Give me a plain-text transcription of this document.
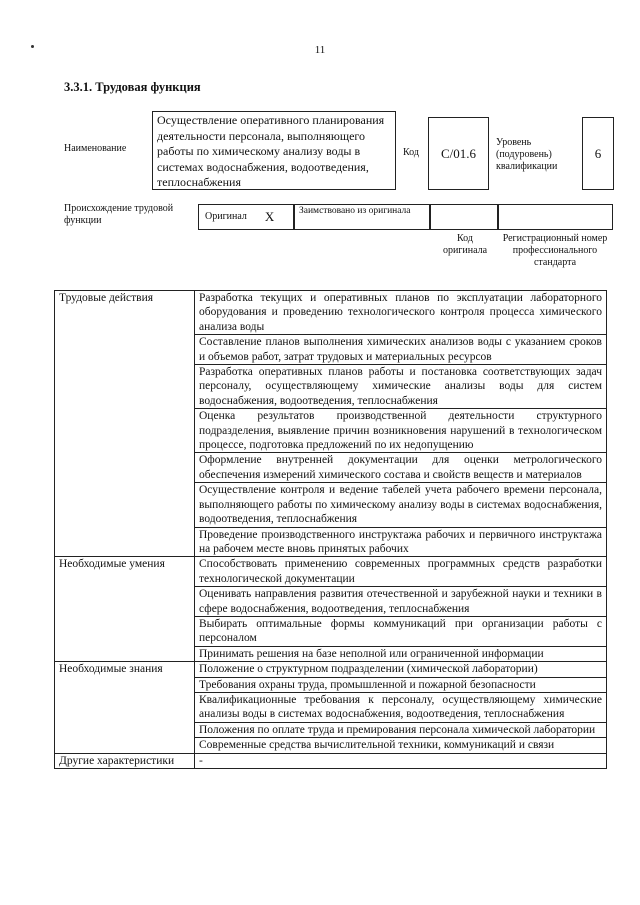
11
3.3.1. Трудовая функция
Наименование
Осуществление оперативного планирования деятельности персонала, выполняющего работы по химическому анализу воды в системах водоснабжения, водоотведения, теплоснабжения
Код	C/01.6
Уровень (подуровень) квалификации
6
Происхождение трудовой функции	Оригинал X	Заимствовано из оригинала
Код оригинала
Регистрационный номер профессионального стандарта
Трудовые действия	Разработка текущих и оперативных планов по эксплуатации лабораторного оборудования и проведению технологического контроля процесса химического анализа воды
	Составление планов выполнения химических анализов воды с указанием сроков и объемов работ, затрат трудовых и материальных ресурсов
	Разработка оперативных планов работы и постановка соответствующих задач персоналу, осуществляющему химические анализы воды для систем водоснабжения, водоотведения, теплоснабжения
	Оценка результатов производственной деятельности структурного подразделения, выявление причин возникновения нарушений в технологическом процессе, подготовка предложений по их недопущению
	Оформление внутренней документации для оценки метрологического обеспечения измерений химического состава и свойств веществ и материалов
	Осуществление контроля и ведение табелей учета рабочего времени персонала, выполняющего работы по химическому анализу воды в системах водоснабжения, водоотведения, теплоснабжения
	Проведение производственного инструктажа рабочих и первичного инструктажа на рабочем месте вновь принятых рабочих
Необходимые умения	Способствовать применению современных программных средств разработки технологической документации
	Оценивать направления развития отечественной и зарубежной науки и техники в сфере водоснабжения, водоотведения, теплоснабжения
	Выбирать оптимальные формы коммуникаций при организации работы с персоналом
	Принимать решения на базе неполной или ограниченной информации
Необходимые знания	Положение о структурном подразделении (химической лаборатории)
	Требования охраны труда, промышленной и пожарной безопасности
	Квалификационные требования к персоналу, осуществляющему химические анализы воды в системах водоснабжения, водоотведения, теплоснабжения
	Положения по оплате труда и премирования персонала химической лаборатории
	Современные средства вычислительной техники, коммуникаций и связи
Другие характеристики	-
